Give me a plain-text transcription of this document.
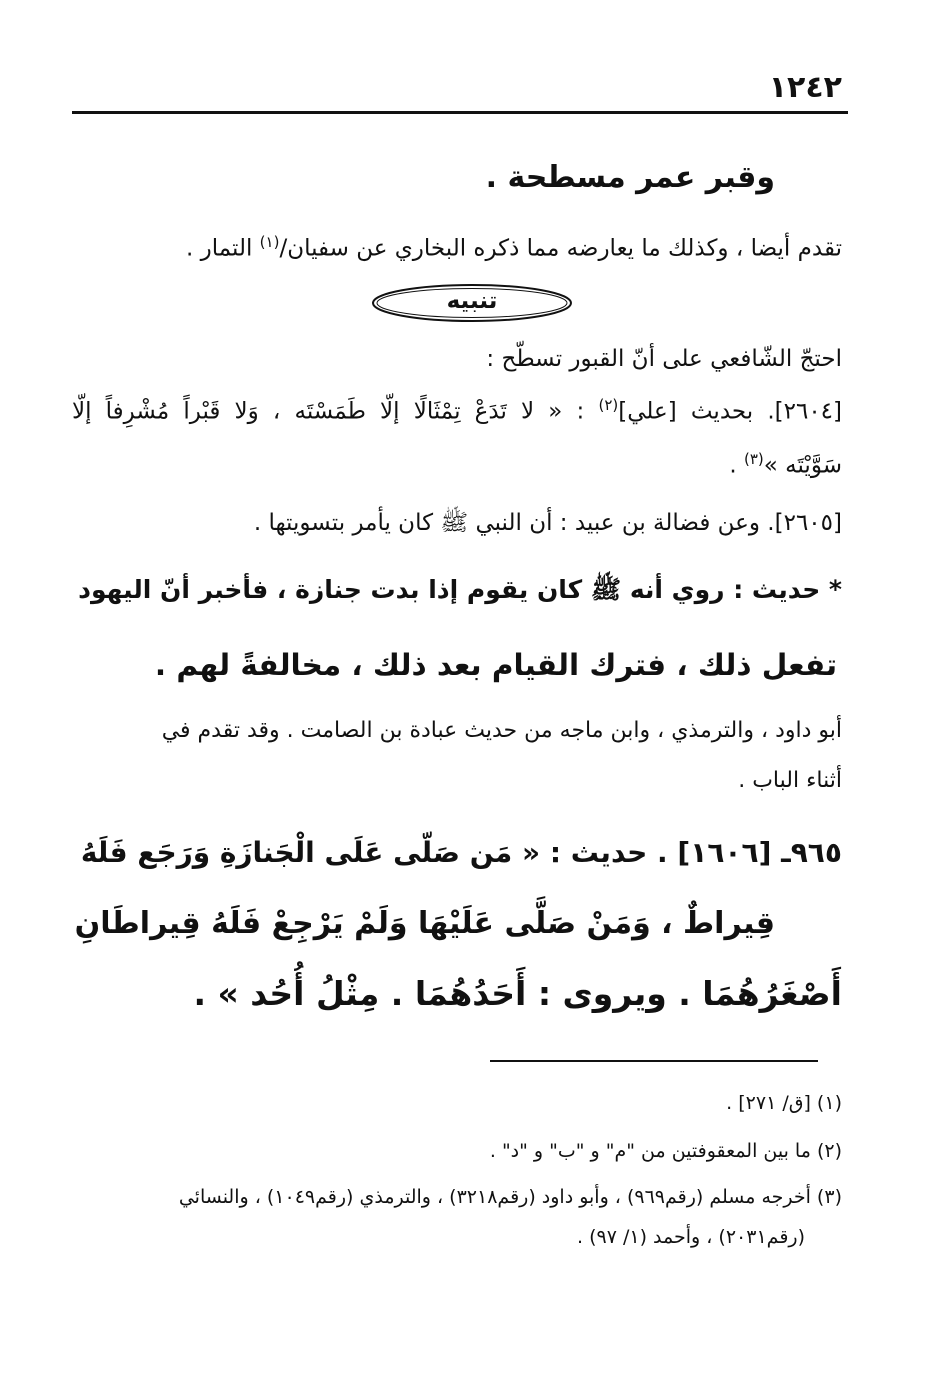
١٢٤٢
وقبر عمر مسطحة .
تقدم أيضا ، وكذلك ما يعارضه مما ذكره البخاري عن سفيان/$^{(١)}$ التمار .
تنبيه
احتجّ الشّافعي على أنّ القبور تسطّح :
[٢٦٠٤]. بحديث [علي]$^{(٢)}$ : « لا تَدَعْ تِمْثَالًا إلّا طَمَسْتَه ، وَلا قَبْراً مُشْرِفاً إلّا
سَوَّيْتَه »$^{(٣)}$ .
[٢٦٠٥]. وعن فضالة بن عبيد : أن النبي ﷺ كان يأمر بتسويتها .
* حديث : روي أنه ﷺ كان يقوم إذا بدت جنازة ، فأخبر أنّ اليهود
تفعل ذلك ، فترك القيام بعد ذلك ، مخالفةً لهم .
أبو داود ، والترمذي ، وابن ماجه من حديث عبادة بن الصامت . وقد تقدم في
أثناء الباب .
٩٦٥ـ [١٦٠٦] . حديث : « مَن صَلّى عَلَى الْجَنازَةِ وَرَجَع فَلَهُ
قِيراطٌ ، وَمَنْ صَلَّى عَلَيْهَا وَلَمْ يَرْجِعْ فَلَهُ قِيراطَانِ
أَصْغَرُهُمَا . ويروى : أَحَدُهُمَا . مِثْلُ أُحُد » .
(١) [ق/ ٢٧١] .
(٢) ما بين المعقوفتين من "م" و "ب" و "د" .
(٣) أخرجه مسلم (رقم٩٦٩) ، وأبو داود (رقم٣٢١٨) ، والترمذي (رقم١٠٤٩) ، والنسائي
(رقم٢٠٣١) ، وأحمد (١/ ٩٧) .
